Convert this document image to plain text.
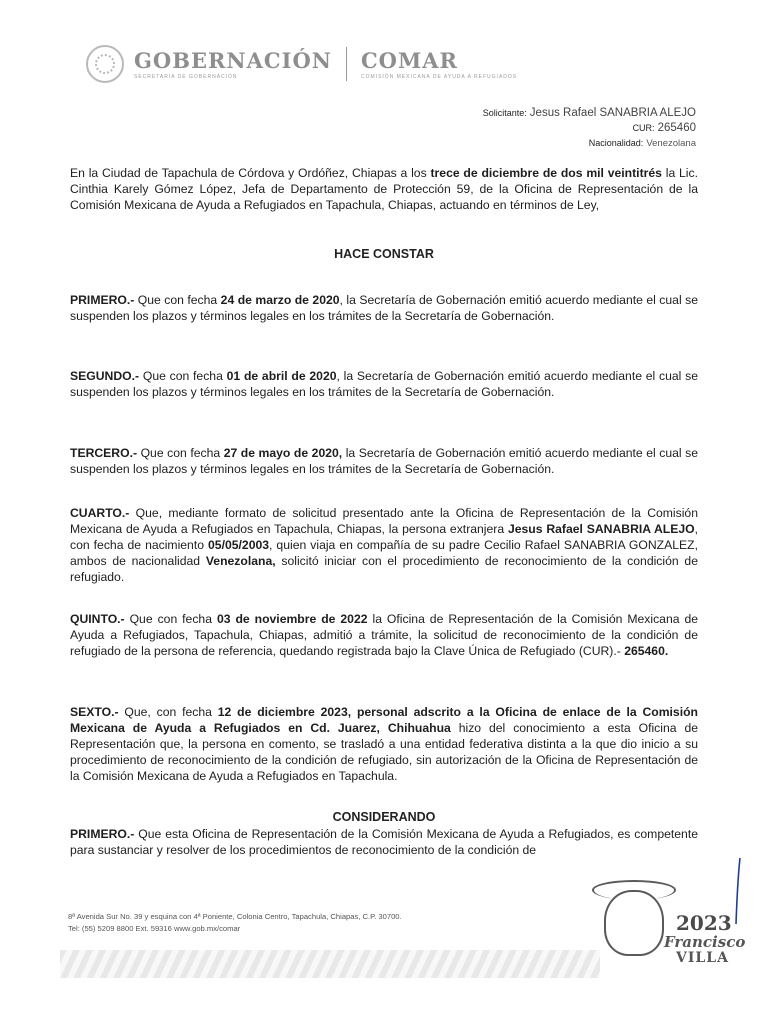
GOBERNACIÓN
SECRETARÍA DE GOBERNACIÓN
COMAR
COMISIÓN MEXICANA DE AYUDA A REFUGIADOS
Solicitante: Jesus Rafael SANABRIA ALEJO
CUR: 265460
Nacionalidad: Venezolana
En la Ciudad de Tapachula de Córdova y Ordóñez, Chiapas a los trece de diciembre de dos mil veintitrés la Lic. Cinthia Karely Gómez López, Jefa de Departamento de Protección 59, de la Oficina de Representación de la Comisión Mexicana de Ayuda a Refugiados en Tapachula, Chiapas, actuando en términos de Ley,
HACE CONSTAR
PRIMERO.- Que con fecha 24 de marzo de 2020, la Secretaría de Gobernación emitió acuerdo mediante el cual se suspenden los plazos y términos legales en los trámites de la Secretaría de Gobernación.
SEGUNDO.- Que con fecha 01 de abril de 2020, la Secretaría de Gobernación emitió acuerdo mediante el cual se suspenden los plazos y términos legales en los trámites de la Secretaría de Gobernación.
TERCERO.- Que con fecha 27 de mayo de 2020, la Secretaría de Gobernación emitió acuerdo mediante el cual se suspenden los plazos y términos legales en los trámites de la Secretaría de Gobernación.
CUARTO.- Que, mediante formato de solicitud presentado ante la Oficina de Representación de la Comisión Mexicana de Ayuda a Refugiados en Tapachula, Chiapas, la persona extranjera Jesus Rafael SANABRIA ALEJO, con fecha de nacimiento 05/05/2003, quien viaja en compañía de su padre Cecilio Rafael SANABRIA GONZALEZ, ambos de nacionalidad Venezolana, solicitó iniciar con el procedimiento de reconocimiento de la condición de refugiado.
QUINTO.- Que con fecha 03 de noviembre de 2022 la Oficina de Representación de la Comisión Mexicana de Ayuda a Refugiados, Tapachula, Chiapas, admitió a trámite, la solicitud de reconocimiento de la condición de refugiado de la persona de referencia, quedando registrada bajo la Clave Única de Refugiado (CUR).- 265460.
SEXTO.- Que, con fecha 12 de diciembre 2023, personal adscrito a la Oficina de enlace de la Comisión Mexicana de Ayuda a Refugiados en Cd. Juarez, Chihuahua hizo del conocimiento a esta Oficina de Representación que, la persona en comento, se trasladó a una entidad federativa distinta a la que dio inicio a su procedimiento de reconocimiento de la condición de refugiado, sin autorización de la Oficina de Representación de la Comisión Mexicana de Ayuda a Refugiados en Tapachula.
CONSIDERANDO
PRIMERO.- Que esta Oficina de Representación de la Comisión Mexicana de Ayuda a Refugiados, es competente para sustanciar y resolver de los procedimientos de reconocimiento de la condición de
8ª Avenida Sur No. 39 y esquina con 4ª Poniente, Colonia Centro, Tapachula, Chiapas, C.P. 30700.
Tel: (55) 5209 8800 Ext. 59316 www.gob.mx/comar	2023
Francisco
VILLA
